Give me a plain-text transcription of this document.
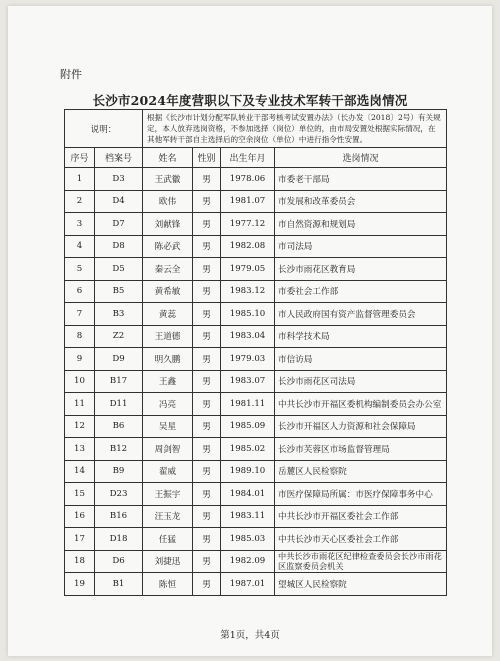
附件
长沙市2024年度营职以下及专业技术军转干部选岗情况
说明：		根据《长沙市计划分配军队转业干部考核考试安置办法》（长办发〔2018〕2号）有关规定，本人放弃选岗资格，不参加选择（岗位）单位的，由市局安置处根据实际情况，在其他军转干部自主选择后的空余岗位（单位）中进行指令性安置。			
序号	档案号	姓名	性别	出生年月	选岗情况
1	D3	王武徽	男	1978.06	市委老干部局
2	D4	欧伟	男	1981.07	市发展和改革委员会
3	D7	刘献锋	男	1977.12	市自然资源和规划局
4	D8	陈必武	男	1982.08	市司法局
5	D5	秦云全	男	1979.05	长沙市雨花区教育局
6	B5	黄希敏	男	1983.12	市委社会工作部
7	B3	黄蕊	男	1985.10	市人民政府国有资产监督管理委员会
8	Z2	王道德	男	1983.04	市科学技术局
9	D9	明久鹏	男	1979.03	市信访局
10	B17	王鑫	男	1983.07	长沙市雨花区司法局
11	D11	冯亮	男	1981.11	中共长沙市开福区委机构编制委员会办公室
12	B6	吴星	男	1985.09	长沙市开福区人力资源和社会保障局
13	B12	周剑智	男	1985.02	长沙市芙蓉区市场监督管理局
14	B9	翟威	男	1989.10	岳麓区人民检察院
15	D23	王振宇	男	1984.01	市医疗保障局所属：市医疗保障事务中心
16	B16	汪玉龙	男	1983.11	中共长沙市开福区委社会工作部
17	D18	任猛	男	1985.03	中共长沙市天心区委社会工作部
18	D6	刘捷迅	男	1982.09	中共长沙市雨花区纪律检查委员会长沙市雨花区监察委员会机关
19	B1	陈恒	男	1987.01	望城区人民检察院
第1页，共4页
